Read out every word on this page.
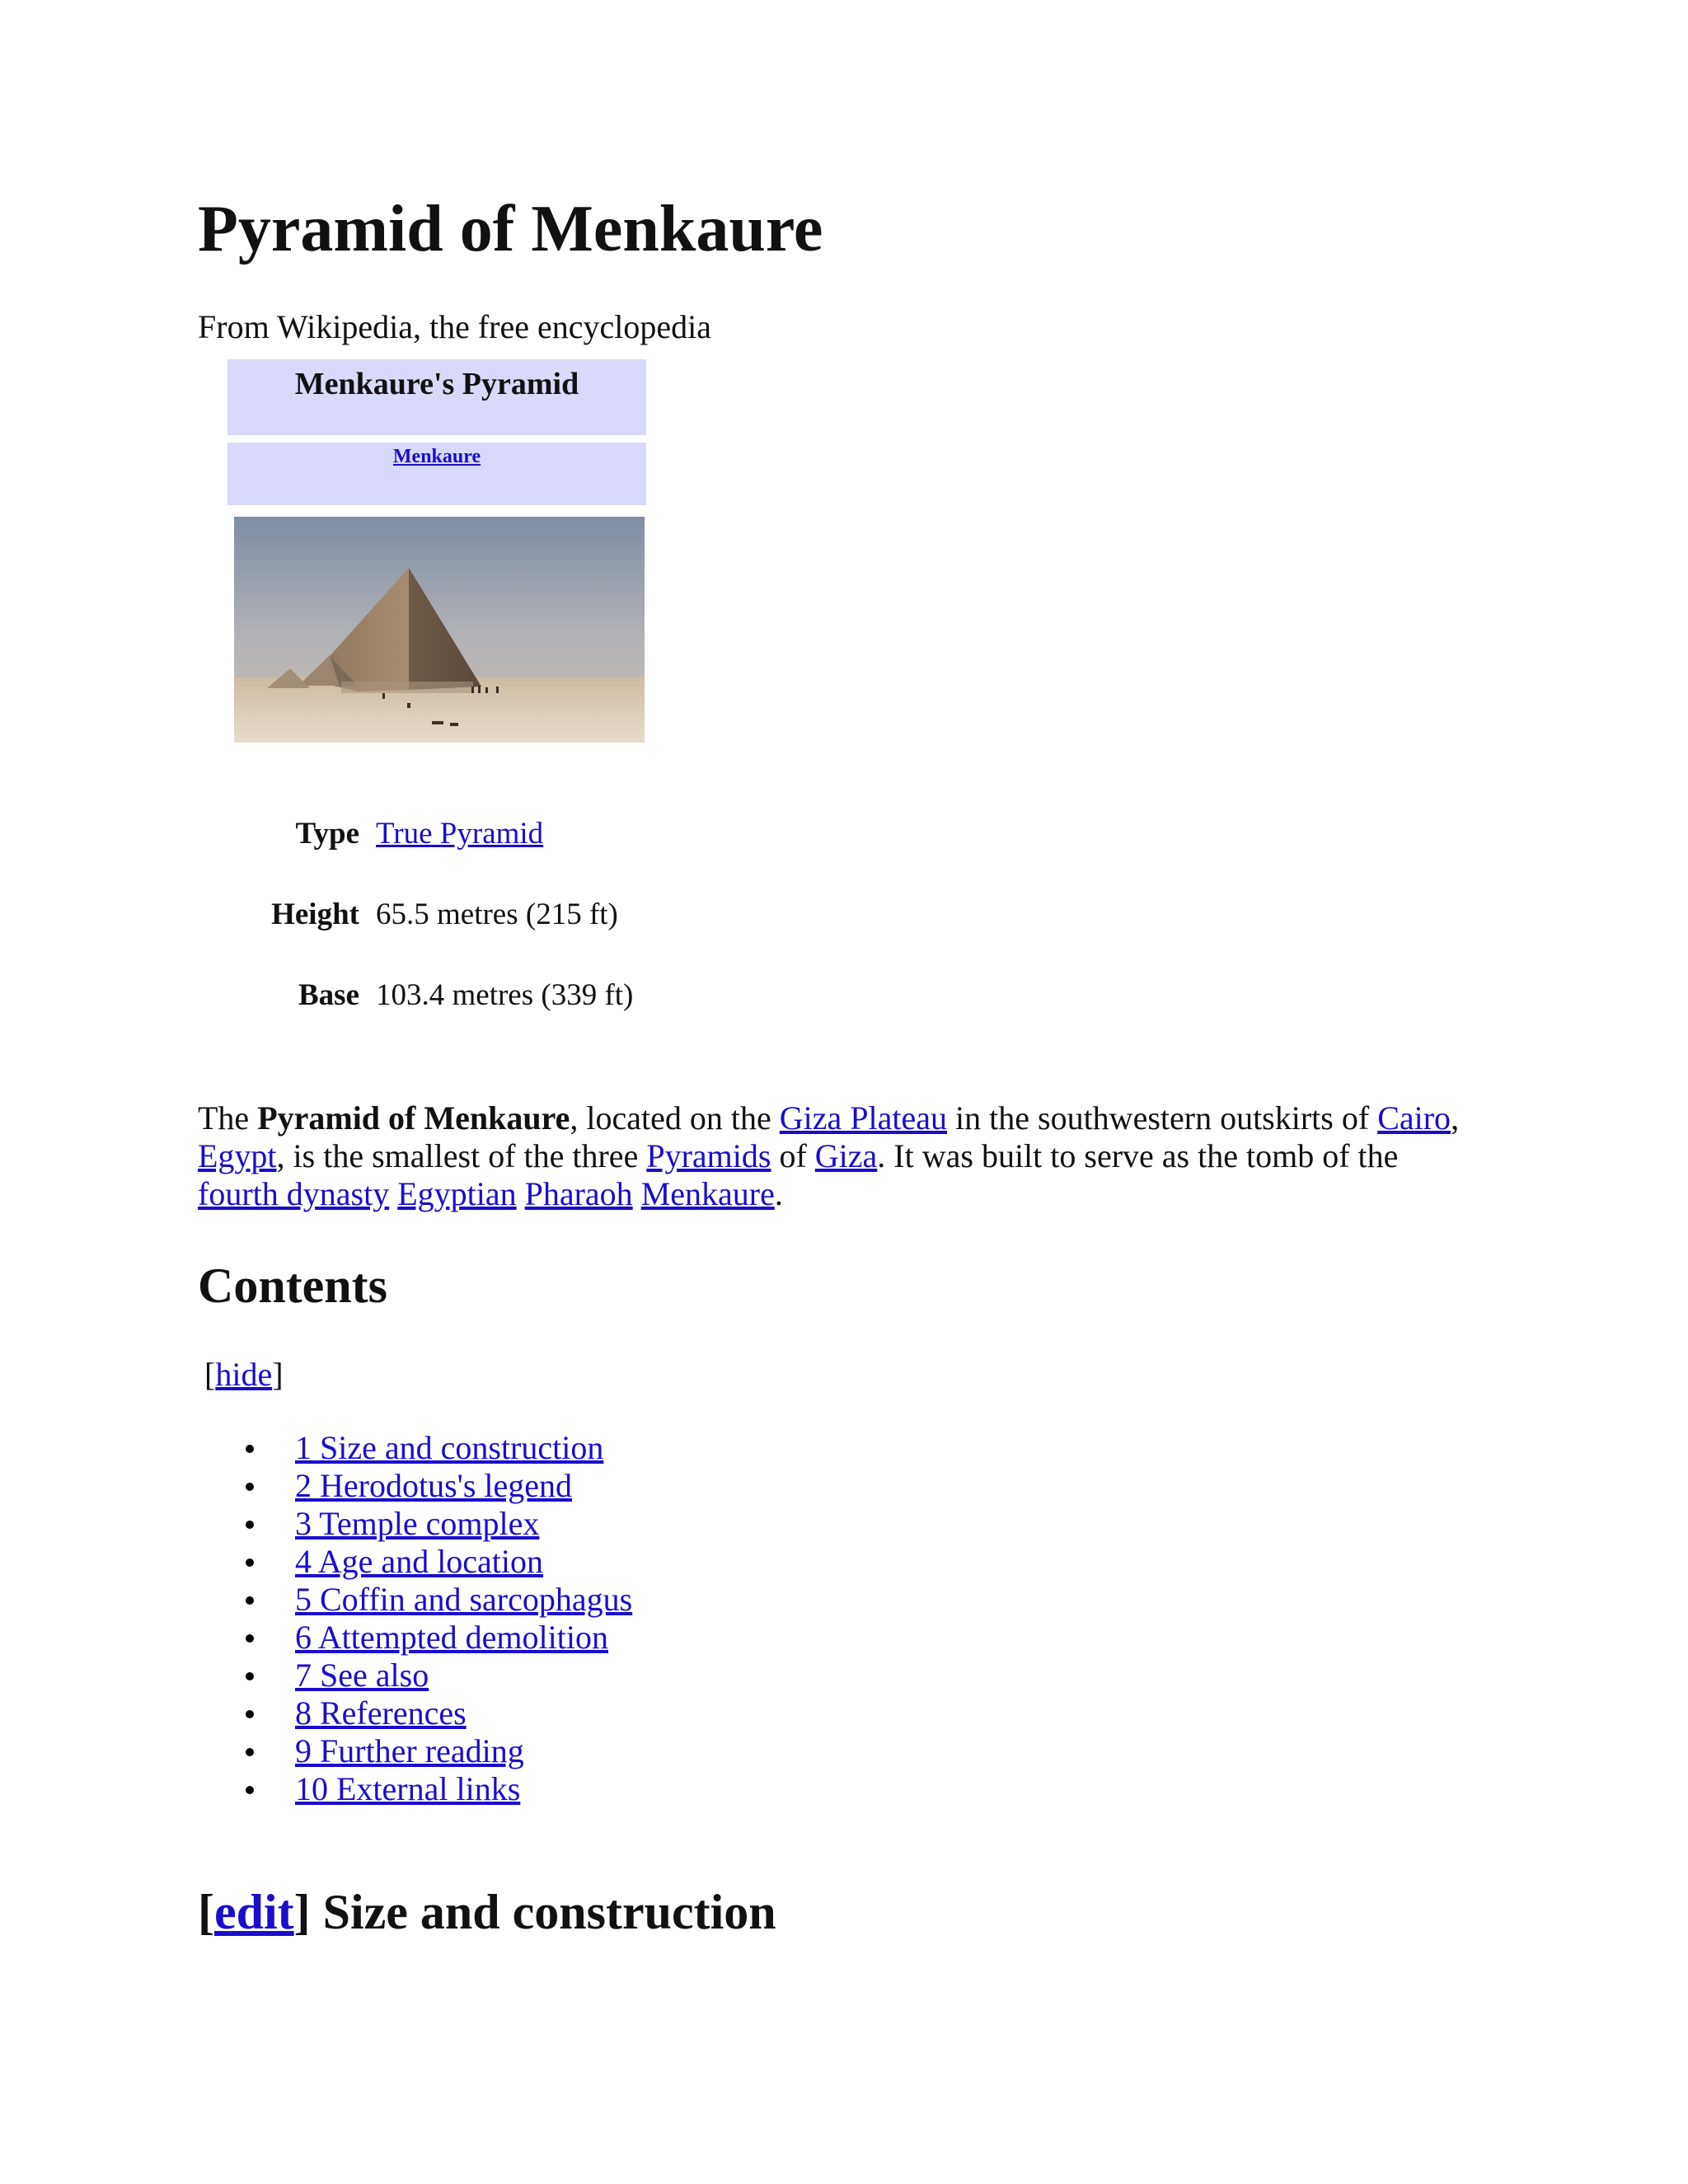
Pyramid of Menkaure
From Wikipedia, the free encyclopedia
Menkaure's Pyramid
Menkaure
Type True Pyramid
Height 65.5 metres (215 ft)
Base 103.4 metres (339 ft)

The Pyramid of Menkaure, located on the Giza Plateau in the southwestern outskirts of Cairo,

Egypt, is the smallest of the three Pyramids of Giza. It was built to serve as the tomb of the

fourth dynasty Egyptian Pharaoh Menkaure.

Contents
[hide]
1 Size and construction
2 Herodotus's legend
3 Temple complex
4 Age and location
5 Coffin and sarcophagus
6 Attempted demolition
7 See also
8 References
9 Further reading
10 External links
[edit] Size and construction
